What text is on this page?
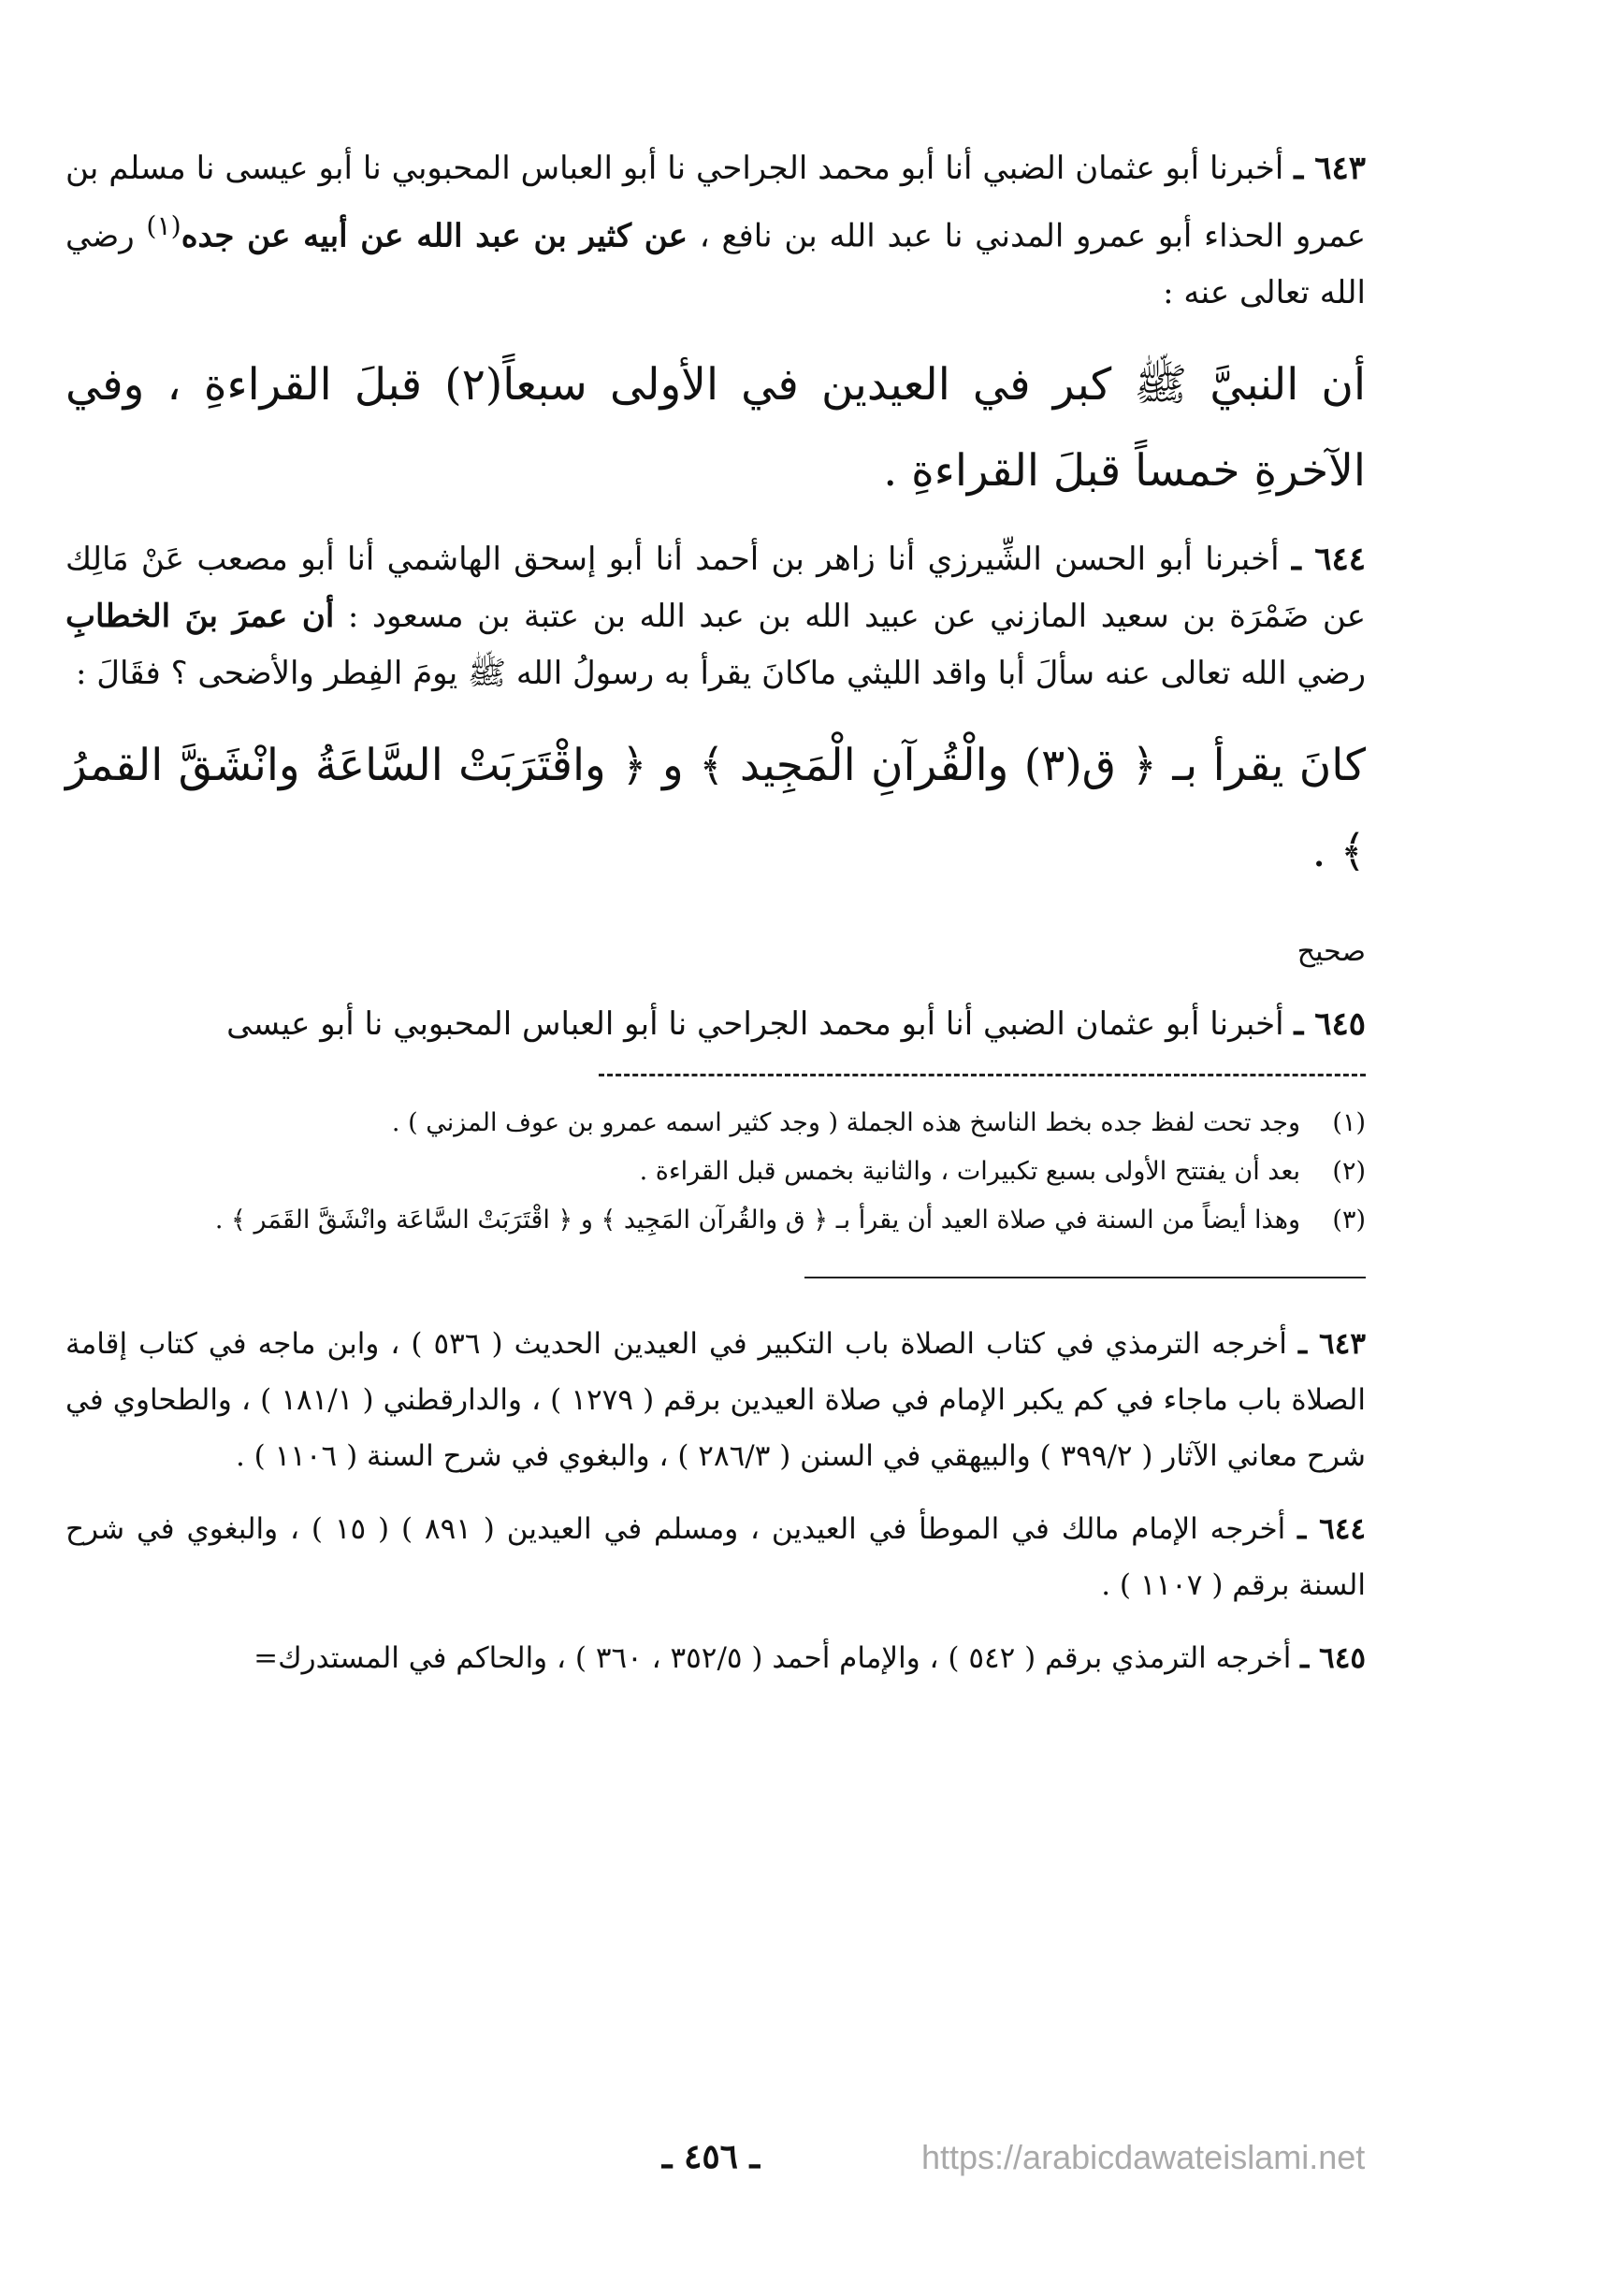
٦٤٣ ـ أخبرنا أبو عثمان الضبي أنا أبو محمد الجراحي نا أبو العباس المحبوبي نا أبو عيسى نا مسلم بن عمرو الحذاء أبو عمرو المدني نا عبد الله بن نافع ، عن كثير بن عبد الله عن أبيه عن جده$^{(١)}$ رضي الله تعالى عنه :

أن النبيَّ ﷺ كبر في العيدين في الأولى سبعاً(٢) قبلَ القراءةِ ، وفي الآخرةِ خمساً قبلَ القراءةِ .

٦٤٤ ـ أخبرنا أبو الحسن الشِّيرزي أنا زاهر بن أحمد أنا أبو إسحق الهاشمي أنا أبو مصعب عَنْ مَالِك عن ضَمْرَة بن سعيد المازني عن عبيد الله بن عبد الله بن عتبة بن مسعود : أن عمرَ بنَ الخطابِ رضي الله تعالى عنه سألَ أبا واقد الليثي ماكانَ يقرأ به رسولُ الله ﷺ يومَ الفِطر والأضحى ؟ فقَالَ :

كانَ يقرأ بـ ﴿ ق(٣) والْقُرآنِ الْمَجِيد ﴾ و ﴿ واقْتَرَبَتْ السَّاعَةُ وانْشَقَّ القمرُ ﴾ .

صحيح

٦٤٥ ـ أخبرنا أبو عثمان الضبي أنا أبو محمد الجراحي نا أبو العباس المحبوبي نا أبو عيسى

(١)
وجد تحت لفظ جده بخط الناسخ هذه الجملة ( وجد كثير اسمه عمرو بن عوف المزني ) .
(٢)
بعد أن يفتتح الأولى بسبع تكبيرات ، والثانية بخمس قبل القراءة .
(٣)
وهذا أيضاً من السنة في صلاة العيد أن يقرأ بـ ﴿ ق والقُرآن المَجِيد ﴾ و ﴿ اقْتَرَبَتْ السَّاعَة وانْشَقَّ القَمَر ﴾ .

٦٤٣ ـ أخرجه الترمذي في كتاب الصلاة باب التكبير في العيدين الحديث ( ٥٣٦ ) ، وابن ماجه في كتاب إقامة الصلاة باب ماجاء في كم يكبر الإمام في صلاة العيدين برقم ( ١٢٧٩ ) ، والدارقطني ( ١٨١/١ ) ، والطحاوي في شرح معاني الآثار ( ٣٩٩/٢ ) والبيهقي في السنن ( ٢٨٦/٣ ) ، والبغوي في شرح السنة ( ١١٠٦ ) .

٦٤٤ ـ أخرجه الإمام مالك في الموطأ في العيدين ، ومسلم في العيدين ( ٨٩١ ) ( ١٥ ) ، والبغوي في شرح السنة برقم ( ١١٠٧ ) .

٦٤٥ ـ أخرجه الترمذي برقم ( ٥٤٢ ) ، والإمام أحمد ( ٣٥٢/٥ ، ٣٦٠ ) ، والحاكم في المستدرك=

ـ ٤٥٦ ـ	https://arabicdawateislami.net
